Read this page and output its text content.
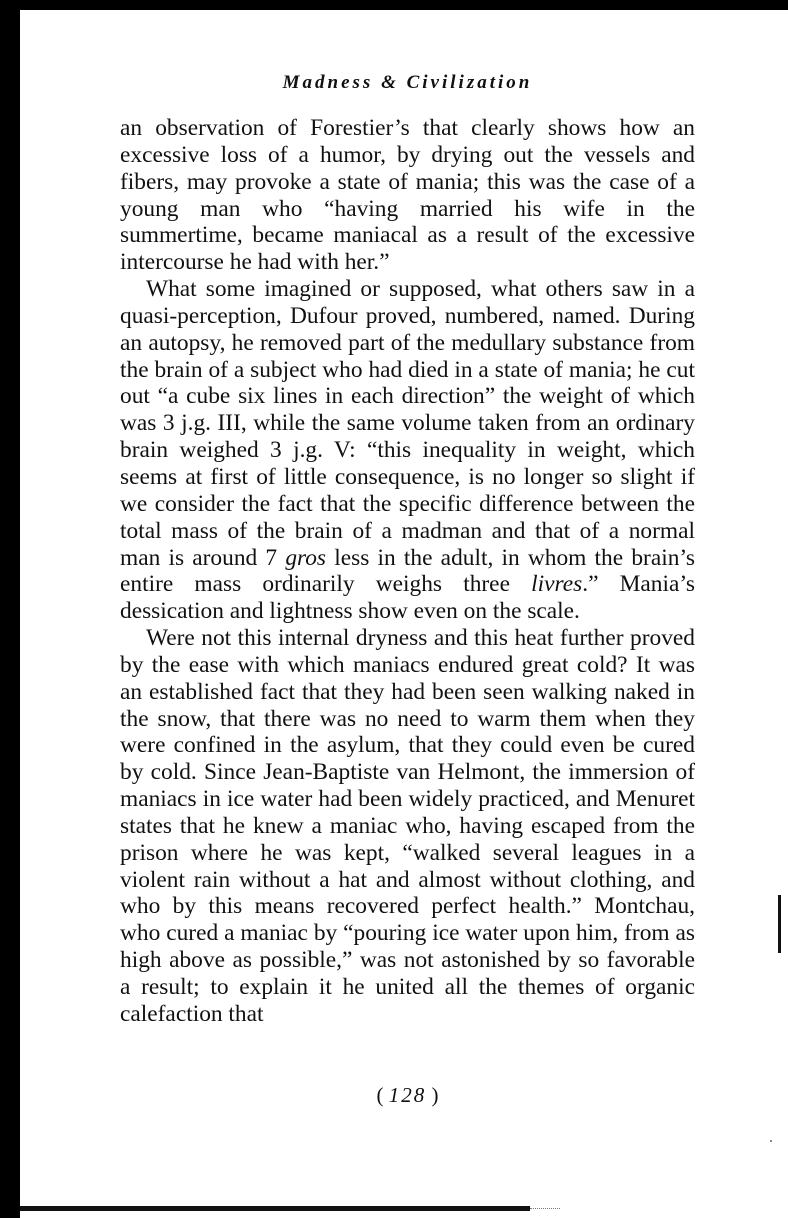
Madness & Civilization

an observation of Forestier’s that clearly shows how an excessive loss of a humor, by drying out the vessels and fibers, may provoke a state of mania; this was the case of a young man who “having married his wife in the summertime, became maniacal as a result of the excessive intercourse he had with her.”

What some imagined or supposed, what others saw in a quasi-perception, Dufour proved, numbered, named. During an autopsy, he removed part of the medullary substance from the brain of a subject who had died in a state of mania; he cut out “a cube six lines in each direction” the weight of which was 3 j.g. III, while the same volume taken from an ordinary brain weighed 3 j.g. V: “this inequality in weight, which seems at first of little consequence, is no longer so slight if we consider the fact that the specific difference between the total mass of the brain of a madman and that of a normal man is around 7 gros less in the adult, in whom the brain’s entire mass ordinarily weighs three livres.” Mania’s dessication and lightness show even on the scale.

Were not this internal dryness and this heat further proved by the ease with which maniacs endured great cold? It was an established fact that they had been seen walking naked in the snow, that there was no need to warm them when they were confined in the asylum, that they could even be cured by cold. Since Jean-Baptiste van Helmont, the immersion of maniacs in ice water had been widely practiced, and Menuret states that he knew a maniac who, having escaped from the prison where he was kept, “walked several leagues in a violent rain without a hat and almost without clothing, and who by this means recovered perfect health.” Montchau, who cured a maniac by “pouring ice water upon him, from as high above as possible,” was not astonished by so favorable a result; to explain it he united all the themes of organic calefaction that

( 128 )
